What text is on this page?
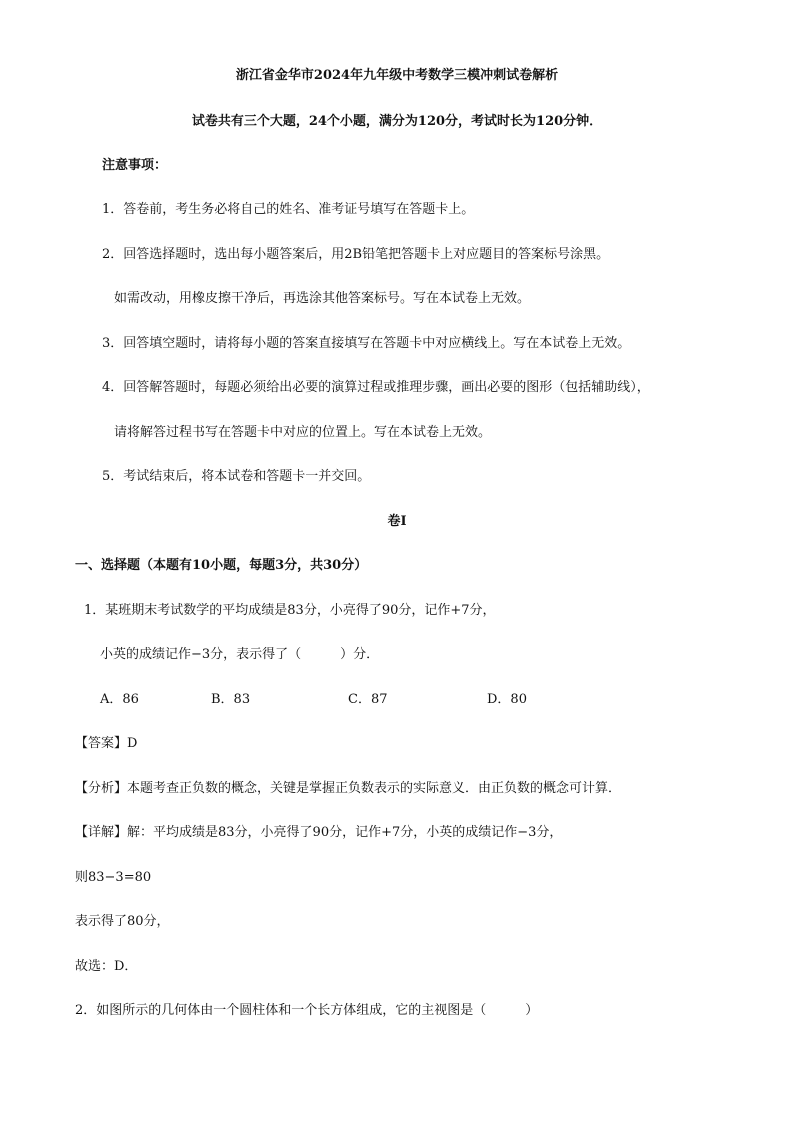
浙江省金华市2024年九年级中考数学三模冲刺试卷解析
试卷共有三个大题，24个小题，满分为120分，考试时长为120分钟．
注意事项：
1．答卷前，考生务必将自己的姓名、准考证号填写在答题卡上。
2．回答选择题时，选出每小题答案后，用2B铅笔把答题卡上对应题目的答案标号涂黑。
如需改动，用橡皮擦干净后，再选涂其他答案标号。写在本试卷上无效。
3．回答填空题时，请将每小题的答案直接填写在答题卡中对应横线上。写在本试卷上无效。
4．回答解答题时，每题必须给出必要的演算过程或推理步骤，画出必要的图形（包括辅助线），
请将解答过程书写在答题卡中对应的位置上。写在本试卷上无效。
5．考试结束后，将本试卷和答题卡一并交回。
卷Ⅰ
一、选择题（本题有10小题，每题3分，共30分）
1．某班期末考试数学的平均成绩是83分，小亮得了90分，记作+7分，
小英的成绩记作−3分，表示得了（　　　）分．
A．86	B．83	C．87	D．80
【答案】D
【分析】本题考查正负数的概念，关键是掌握正负数表示的实际意义．由正负数的概念可计算．
【详解】解：平均成绩是83分，小亮得了90分，记作+7分，小英的成绩记作−3分，
则83−3=80
表示得了80分，
故选：D．
2．如图所示的几何体由一个圆柱体和一个长方体组成，它的主视图是（　　　）
